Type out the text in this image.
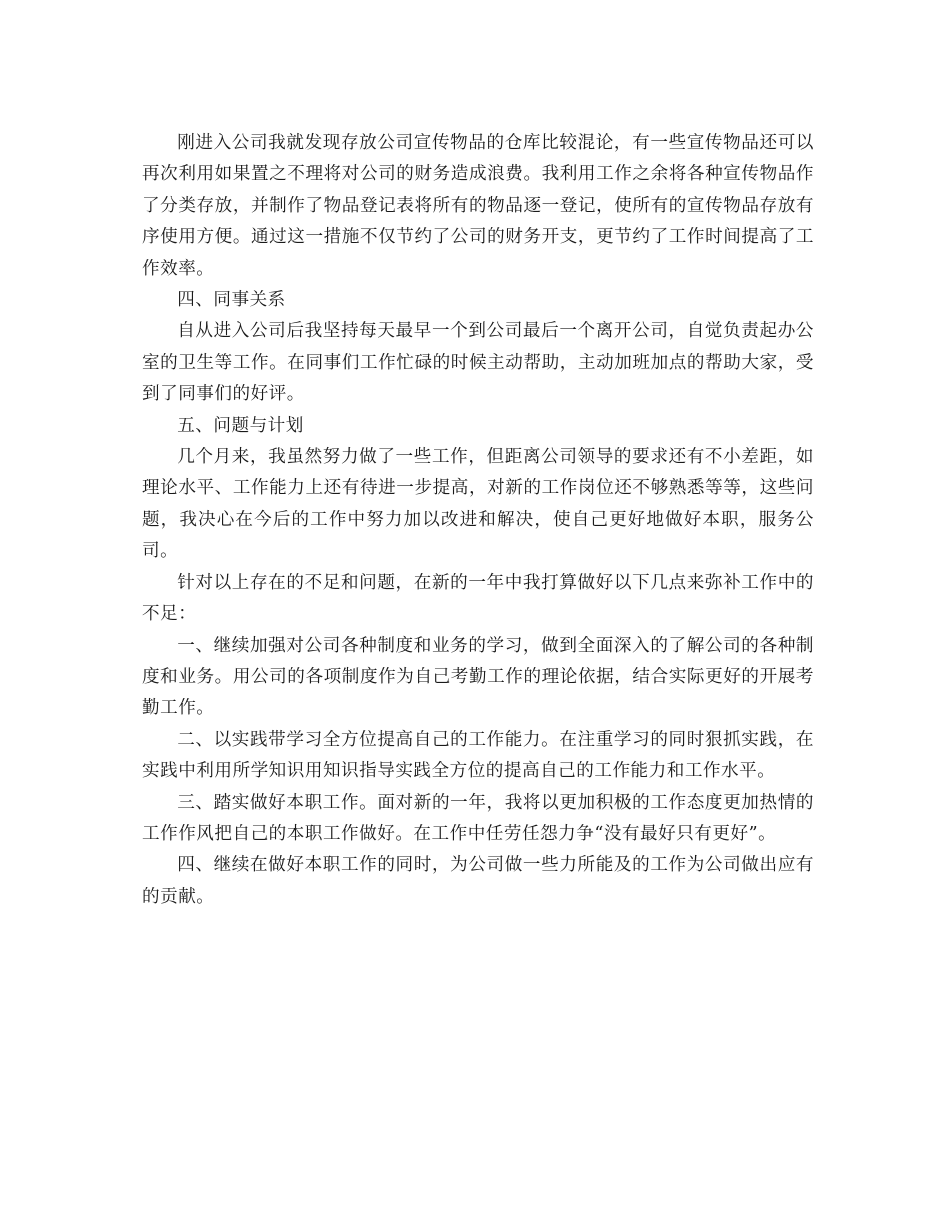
刚进入公司我就发现存放公司宣传物品的仓库比较混论，有一些宣传物品还可以再次利用如果置之不理将对公司的财务造成浪费。我利用工作之余将各种宣传物品作了分类存放，并制作了物品登记表将所有的物品逐一登记，使所有的宣传物品存放有序使用方便。通过这一措施不仅节约了公司的财务开支，更节约了工作时间提高了工作效率。

四、同事关系

自从进入公司后我坚持每天最早一个到公司最后一个离开公司，自觉负责起办公室的卫生等工作。在同事们工作忙碌的时候主动帮助，主动加班加点的帮助大家，受到了同事们的好评。

五、问题与计划

几个月来，我虽然努力做了一些工作，但距离公司领导的要求还有不小差距，如理论水平、工作能力上还有待进一步提高，对新的工作岗位还不够熟悉等等，这些问题，我决心在今后的工作中努力加以改进和解决，使自己更好地做好本职，服务公司。

针对以上存在的不足和问题，在新的一年中我打算做好以下几点来弥补工作中的不足：

一、继续加强对公司各种制度和业务的学习，做到全面深入的了解公司的各种制度和业务。用公司的各项制度作为自己考勤工作的理论依据，结合实际更好的开展考勤工作。

二、以实践带学习全方位提高自己的工作能力。在注重学习的同时狠抓实践，在实践中利用所学知识用知识指导实践全方位的提高自己的工作能力和工作水平。

三、踏实做好本职工作。面对新的一年，我将以更加积极的工作态度更加热情的工作作风把自己的本职工作做好。在工作中任劳任怨力争“没有最好只有更好”。

四、继续在做好本职工作的同时，为公司做一些力所能及的工作为公司做出应有的贡献。
